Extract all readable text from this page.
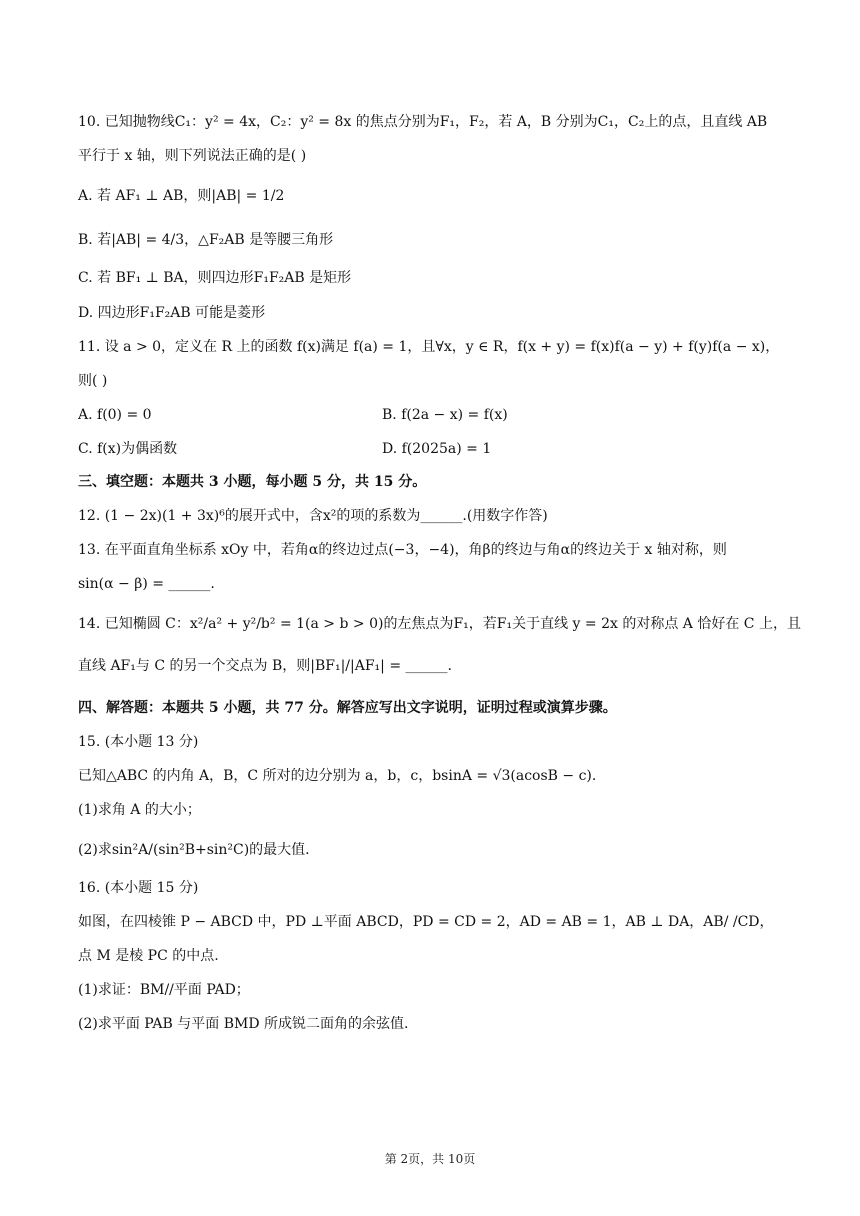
10. 已知抛物线C₁：y² = 4x，C₂：y² = 8x 的焦点分别为F₁，F₂，若 A，B 分别为C₁，C₂上的点，且直线 AB
平行于 x 轴，则下列说法正确的是( )
A. 若 AF₁ ⊥ AB，则|AB| = 1/2
B. 若|AB| = 4/3，△F₂AB 是等腰三角形
C. 若 BF₁ ⊥ BA，则四边形F₁F₂AB 是矩形
D. 四边形F₁F₂AB 可能是菱形
11. 设 a > 0，定义在 R 上的函数 f(x)满足 f(a) = 1，且∀x，y ∈ R，f(x + y) = f(x)f(a − y) + f(y)f(a − x)，
则( )
A. f(0) = 0	B. f(2a − x) = f(x)
C. f(x)为偶函数	D. f(2025a) = 1
三、填空题：本题共 3 小题，每小题 5 分，共 15 分。
12. (1 − 2x)(1 + 3x)⁶的展开式中，含x²的项的系数为______.(用数字作答)
13. 在平面直角坐标系 xOy 中，若角α的终边过点(−3，−4)，角β的终边与角α的终边关于 x 轴对称，则
sin(α − β) = ______.
14. 已知椭圆 C：x²/a² + y²/b² = 1(a > b > 0)的左焦点为F₁，若F₁关于直线 y = 2x 的对称点 A 恰好在 C 上，且
直线 AF₁与 C 的另一个交点为 B，则|BF₁|/|AF₁| = ______.
四、解答题：本题共 5 小题，共 77 分。解答应写出文字说明，证明过程或演算步骤。
15. (本小题 13 分)
已知△ABC 的内角 A，B，C 所对的边分别为 a，b，c，bsinA = √3(acosB − c).
(1)求角 A 的大小；
(2)求sin²A/(sin²B+sin²C)的最大值.
16. (本小题 15 分)
如图，在四棱锥 P − ABCD 中，PD ⊥平面 ABCD，PD = CD = 2，AD = AB = 1，AB ⊥ DA，AB/ /CD，
点 M 是棱 PC 的中点.
(1)求证：BM//平面 PAD；
(2)求平面 PAB 与平面 BMD 所成锐二面角的余弦值.
第 2页，共 10页
